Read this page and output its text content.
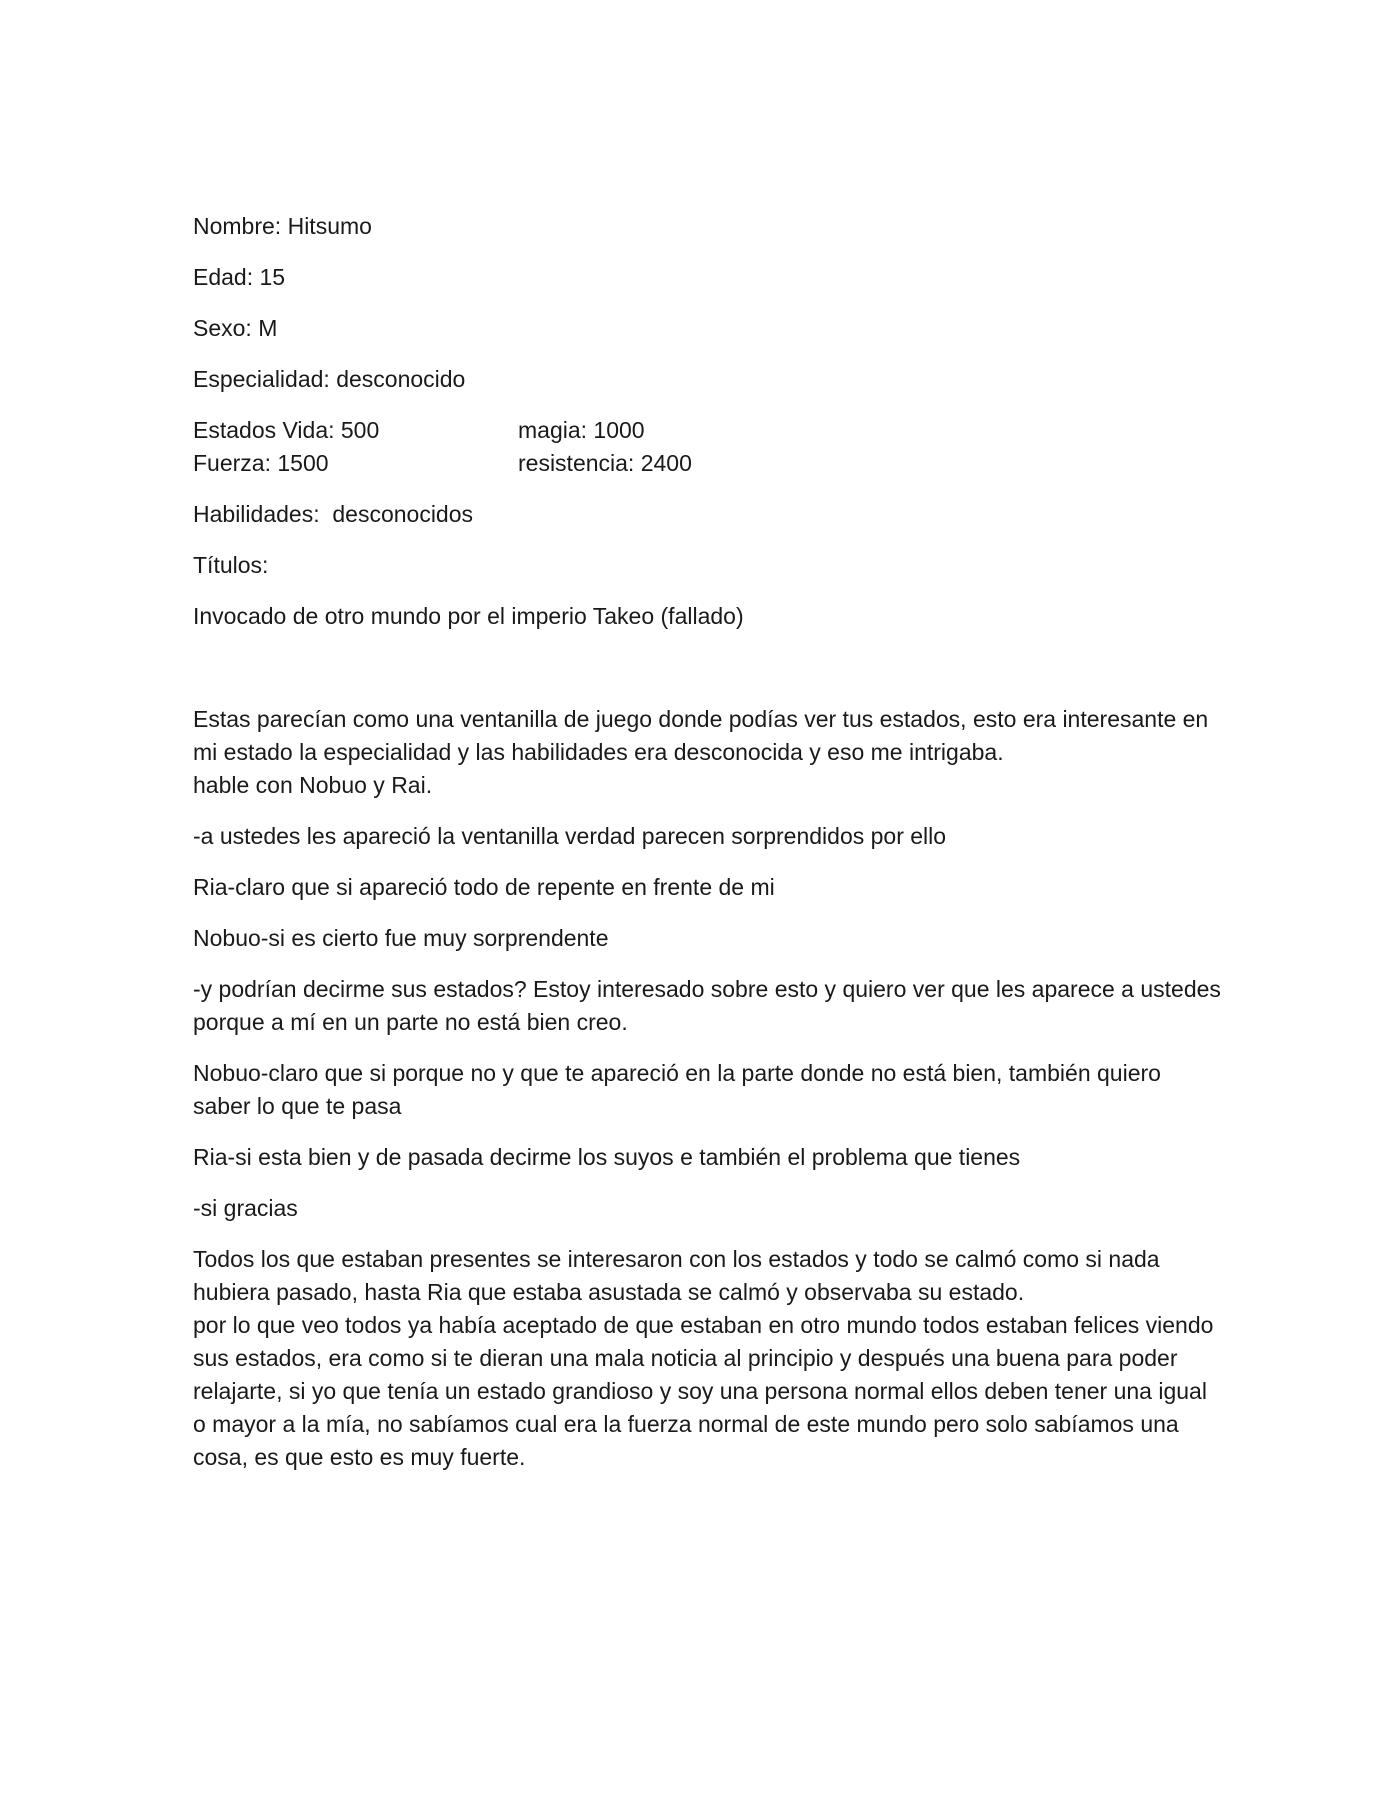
Nombre: Hitsumo

Edad: 15

Sexo: M

Especialidad: desconocido

Estados Vida: 500	magia: 1000
Fuerza: 1500	resistencia: 2400

Habilidades:  desconocidos

Títulos:

Invocado de otro mundo por el imperio Takeo (fallado)

Estas parecían como una ventanilla de juego donde podías ver tus estados, esto era interesante en mi estado la especialidad y las habilidades era desconocida y eso me intrigaba.

hable con Nobuo y Rai.

-a ustedes les apareció la ventanilla verdad parecen sorprendidos por ello

Ria-claro que si apareció todo de repente en frente de mi

Nobuo-si es cierto fue muy sorprendente

-y podrían decirme sus estados? Estoy interesado sobre esto y quiero ver que les aparece a ustedes porque a mí en un parte no está bien creo.

Nobuo-claro que si porque no y que te apareció en la parte donde no está bien, también quiero saber lo que te pasa

Ria-si esta bien y de pasada decirme los suyos e también el problema que tienes

-si gracias

Todos los que estaban presentes se interesaron con los estados y todo se calmó como si nada hubiera pasado, hasta Ria que estaba asustada se calmó y observaba su estado.

por lo que veo todos ya había aceptado de que estaban en otro mundo todos estaban felices viendo sus estados, era como si te dieran una mala noticia al principio y después una buena para poder relajarte, si yo que tenía un estado grandioso y soy una persona normal ellos deben tener una igual o mayor a la mía, no sabíamos cual era la fuerza normal de este mundo pero solo sabíamos una cosa, es que esto es muy fuerte.
